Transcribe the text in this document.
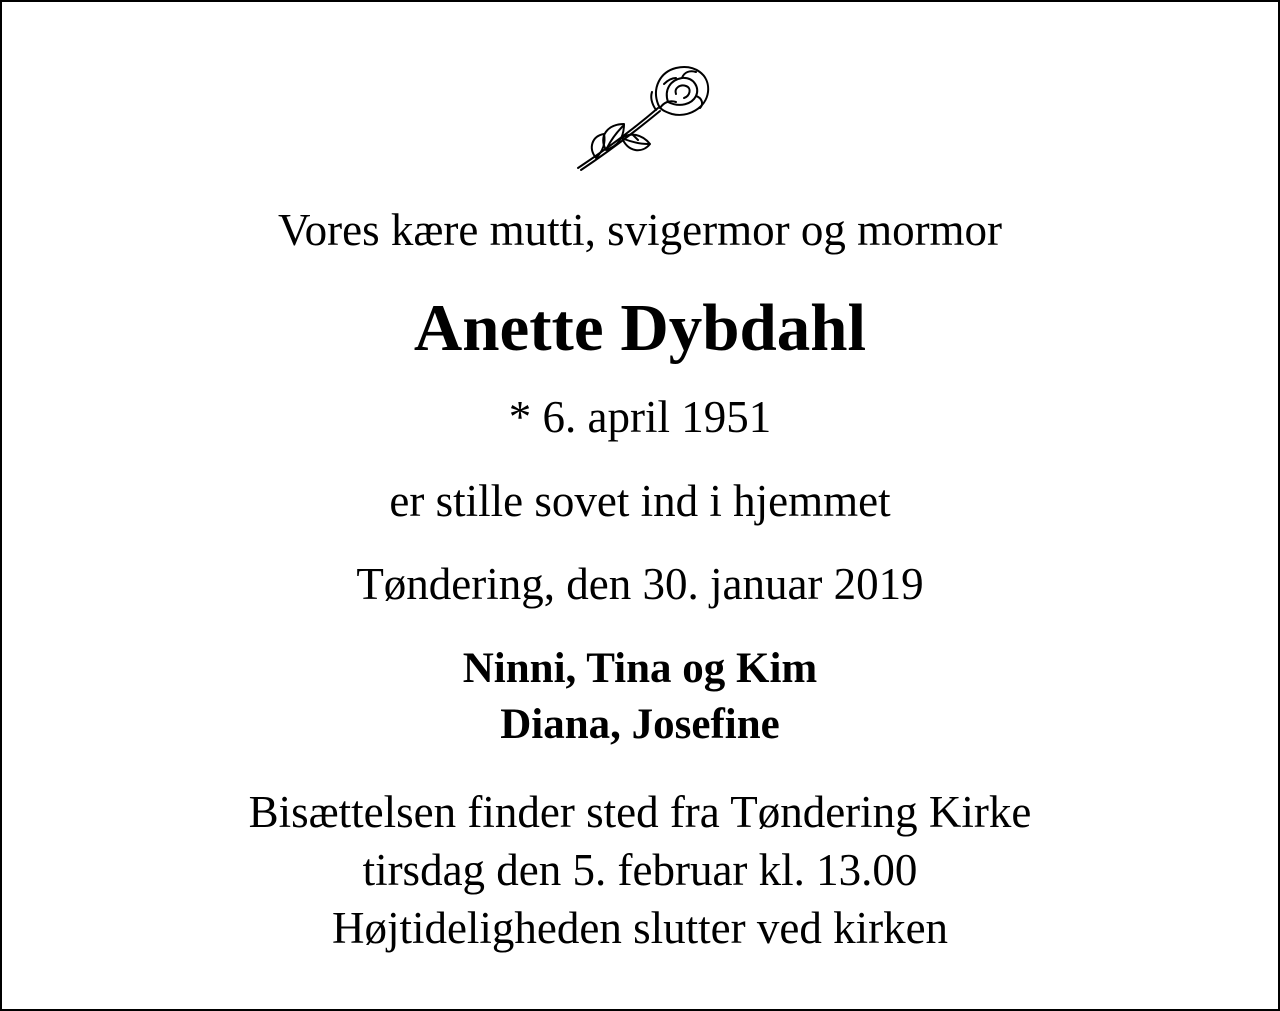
Vores kære mutti, svigermor og mormor
Anette Dybdahl
* 6. april 1951
er stille sovet ind i hjemmet
Tøndering, den 30. januar 2019
Ninni, Tina og Kim
Diana, Josefine
Bisættelsen finder sted fra Tøndering Kirke
tirsdag den 5. februar kl. 13.00
Højtideligheden slutter ved kirken
